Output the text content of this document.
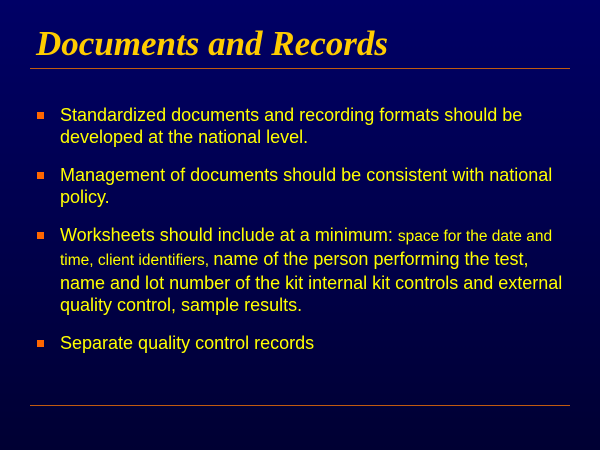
Documents and Records
Standardized documents and recording formats should be developed at the national level.
Management of documents should be consistent with national policy.
Worksheets should include at a minimum: space for the date and time, client identifiers, name of the person performing the test, name and lot number of the kit internal kit controls and external quality control, sample results.
Separate quality control records
